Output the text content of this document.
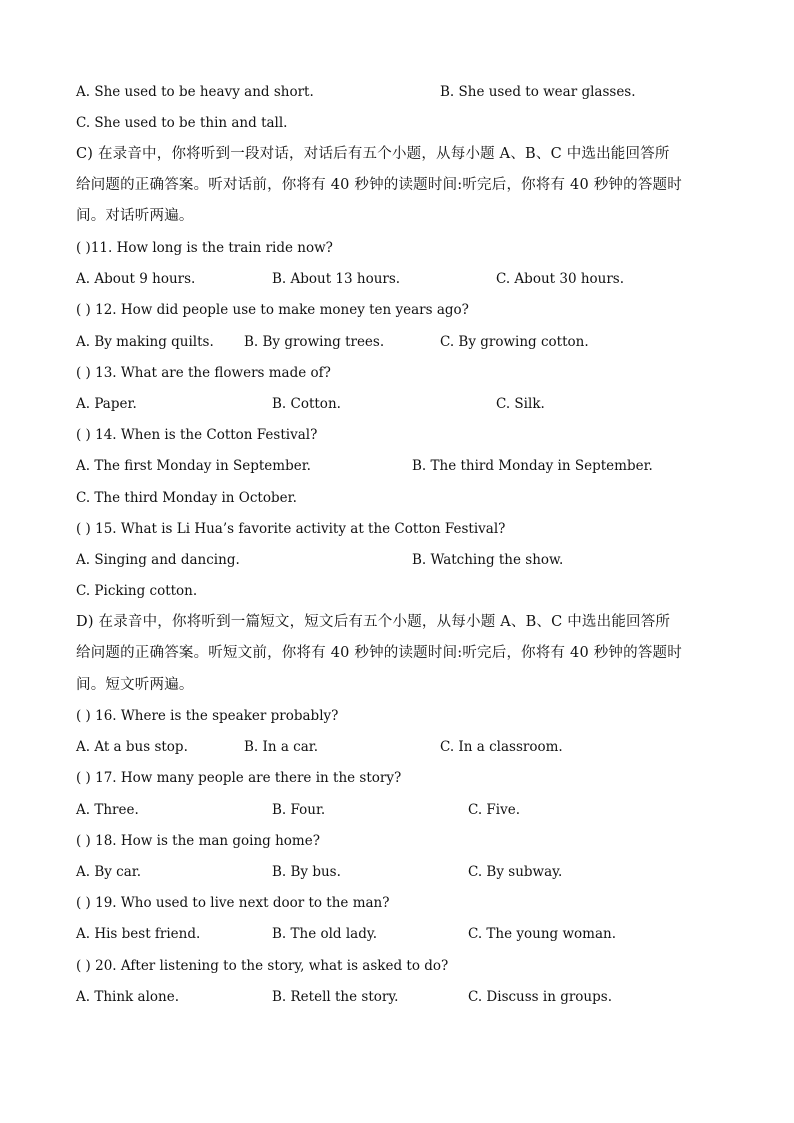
A. She used to be heavy and short.	B. She used to wear glasses.
C. She used to be thin and tall.
C) 在录音中，你将听到一段对话，对话后有五个小题，从每小题 A、B、C 中选出能回答所
给问题的正确答案。听对话前，你将有 40 秒钟的读题时间:听完后，你将有 40 秒钟的答题时
间。对话听两遍。
( )11. How long is the train ride now?
A. About 9 hours.	B. About 13 hours.	C. About 30 hours.
( ) 12. How did people use to make money ten years ago?
A. By making quilts. B. By growing trees.	C. By growing cotton.
( ) 13. What are the flowers made of?
A. Paper.	B. Cotton.	C. Silk.
( ) 14. When is the Cotton Festival?
A. The first Monday in September.	B. The third Monday in September.
C. The third Monday in October.
( ) 15. What is Li Hua’s favorite activity at the Cotton Festival?
A. Singing and dancing.	B. Watching the show.
C. Picking cotton.
D) 在录音中，你将听到一篇短文，短文后有五个小题，从每小题 A、B、C 中选出能回答所
给问题的正确答案。听短文前，你将有 40 秒钟的读题时间:听完后，你将有 40 秒钟的答题时
间。短文听两遍。
( ) 16. Where is the speaker probably?
A. At a bus stop.	B. In a car.	C. In a classroom.
( ) 17. How many people are there in the story?
A. Three.	B. Four.	C. Five.
( ) 18. How is the man going home?
A. By car.	B. By bus.	C. By subway.
( ) 19. Who used to live next door to the man?
A. His best friend.	B. The old lady.	C. The young woman.
( ) 20. After listening to the story, what is asked to do?
A. Think alone.	B. Retell the story.	C. Discuss in groups.
